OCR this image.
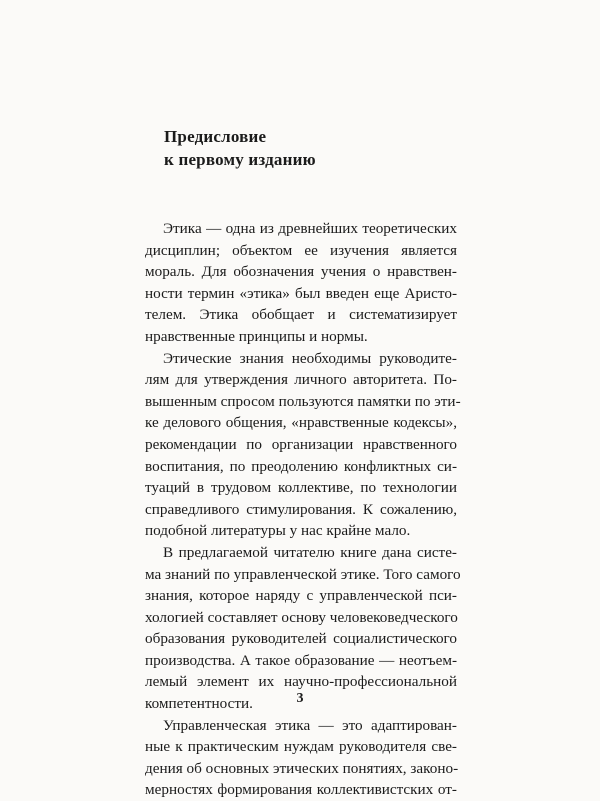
Предисловие
к первому изданию

Этика — одна из древнейших теоретических
дисциплин; объектом ее изучения является
мораль. Для обозначения учения о нравствен-
ности термин «этика» был введен еще Аристо-
телем. Этика обобщает и систематизирует
нравственные принципы и нормы.

Этические знания необходимы руководите-
лям для утверждения личного авторитета. По-
вышенным спросом пользуются памятки по эти-
ке делового общения, «нравственные кодексы»,
рекомендации по организации нравственного
воспитания, по преодолению конфликтных си-
туаций в трудовом коллективе, по технологии
справедливого стимулирования. К сожалению,
подобной литературы у нас крайне мало.

В предлагаемой читателю книге дана систе-
ма знаний по управленческой этике. Того самого
знания, которое наряду с управленческой пси-
хологией составляет основу человековедческого
образования руководителей социалистического
производства. А такое образование — неотъем-
лемый элемент их научно-профессиональной
компетентности.

Управленческая этика — это адаптирован-
ные к практическим нуждам руководителя све-
дения об основных этических понятиях, законо-
мерностях формирования коллективистских от-

3
